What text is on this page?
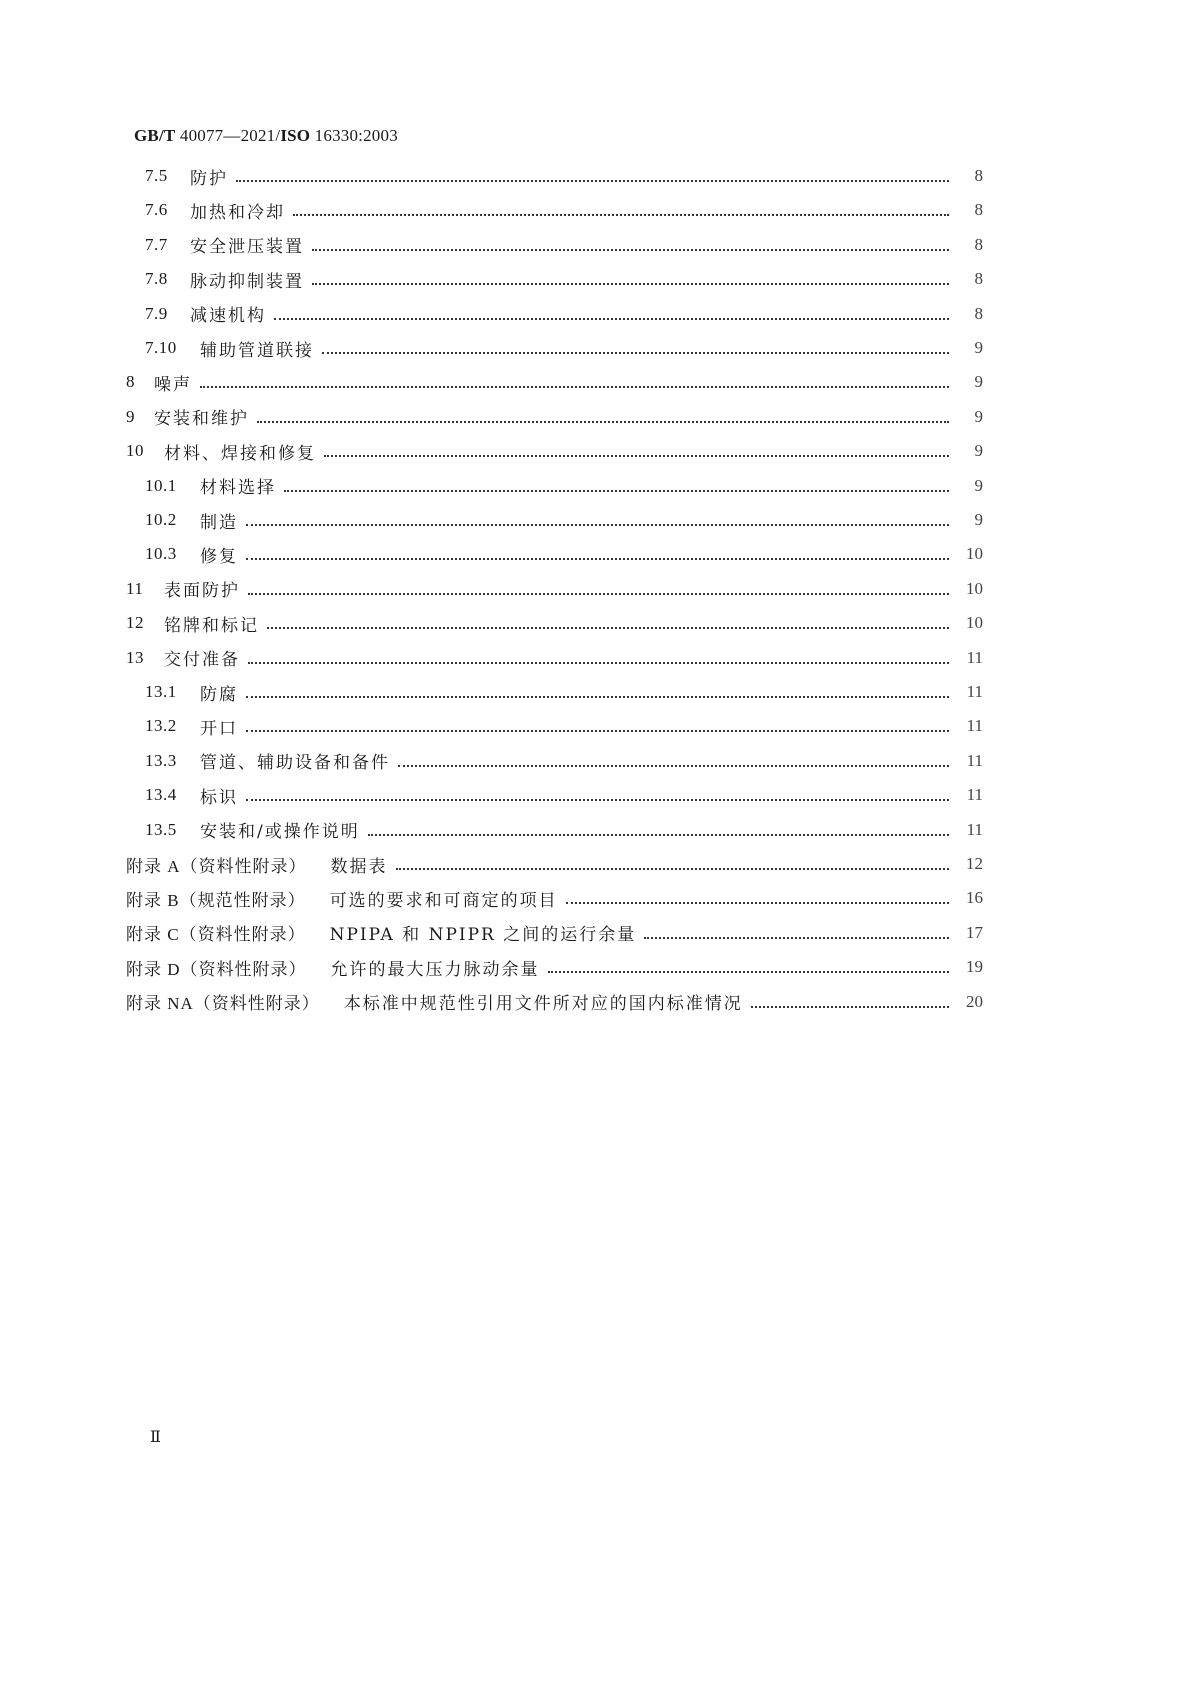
GB/T 40077—2021/ISO 16330:2003
7.5	防护	8
7.6	加热和冷却	8
7.7	安全泄压装置	8
7.8	脉动抑制装置	8
7.9	减速机构	8
7.10	辅助管道联接	9
8	噪声	9
9	安装和维护	9
10	材料、焊接和修复	9
10.1	材料选择	9
10.2	制造	9
10.3	修复	10
11	表面防护	10
12	铭牌和标记	10
13	交付准备	11
13.1	防腐	11
13.2	开口	11
13.3	管道、辅助设备和备件	11
13.4	标识	11
13.5	安装和/或操作说明	11
附录 A（资料性附录）	数据表	12
附录 B（规范性附录）	可选的要求和可商定的项目	16
附录 C（资料性附录）	NPIPA 和 NPIPR 之间的运行余量	17
附录 D（资料性附录）	允许的最大压力脉动余量	19
附录 NA（资料性附录）	本标准中规范性引用文件所对应的国内标准情况	20
Ⅱ
